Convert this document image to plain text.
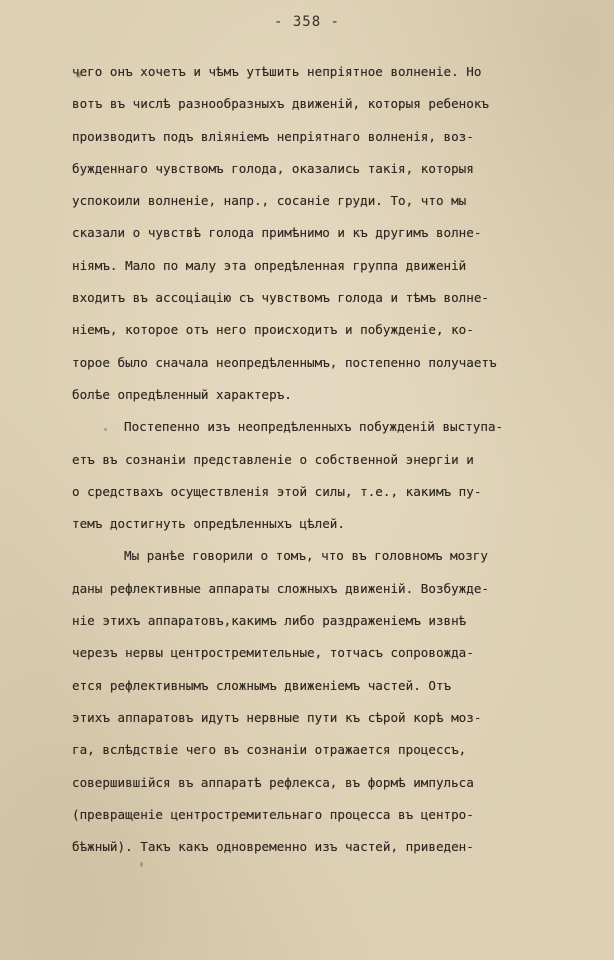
- 358 -
чего онъ хочетъ и чѣмъ утѣшить непріятное волненіе. Но
вотъ въ числѣ разнообразныхъ движеній, которыя ребенокъ
производитъ подъ вліяніемъ непріятнаго волненія, воз-
бужденнаго чувствомъ голода, оказались такія, которыя
успокоили волненіе, напр., сосаніе груди. То, что мы
сказали о чувствѣ голода примѣнимо и къ другимъ волне-
ніямъ. Мало по малу эта опредѣленная группа движеній
входитъ въ ассоціацію съ чувствомъ голода и тѣмъ волне-
ніемъ, которое отъ него происходитъ и побужденіе, ко-
торое было сначала неопредѣленнымъ, постепенно получаетъ
болѣе опредѣленный характеръ.
Постепенно изъ неопредѣленныхъ побужденій выступа-
етъ въ сознаніи представленіе о собственной энергіи и
о средствахъ осуществленія этой силы, т.е., какимъ пу-
темъ достигнуть опредѣленныхъ цѣлей.
Мы ранѣе говорили о томъ, что въ головномъ мозгу
даны рефлективные аппараты сложныхъ движеній. Возбужде-
ніе этихъ аппаратовъ,какимъ либо раздраженіемъ извнѣ
черезъ нервы центростремительные, тотчасъ сопровожда-
ется рефлективнымъ сложнымъ движеніемъ частей. Отъ
этихъ аппаратовъ идутъ нервные пути къ сѣрой корѣ моз-
га, вслѣдствіе чего въ сознаніи отражается процессъ,
совершившійся въ аппаратѣ рефлекса, въ формѣ импульса
(превращеніе центростремительнаго процесса въ центро-
бѣжный). Такъ какъ одновременно изъ частей, приведен-
